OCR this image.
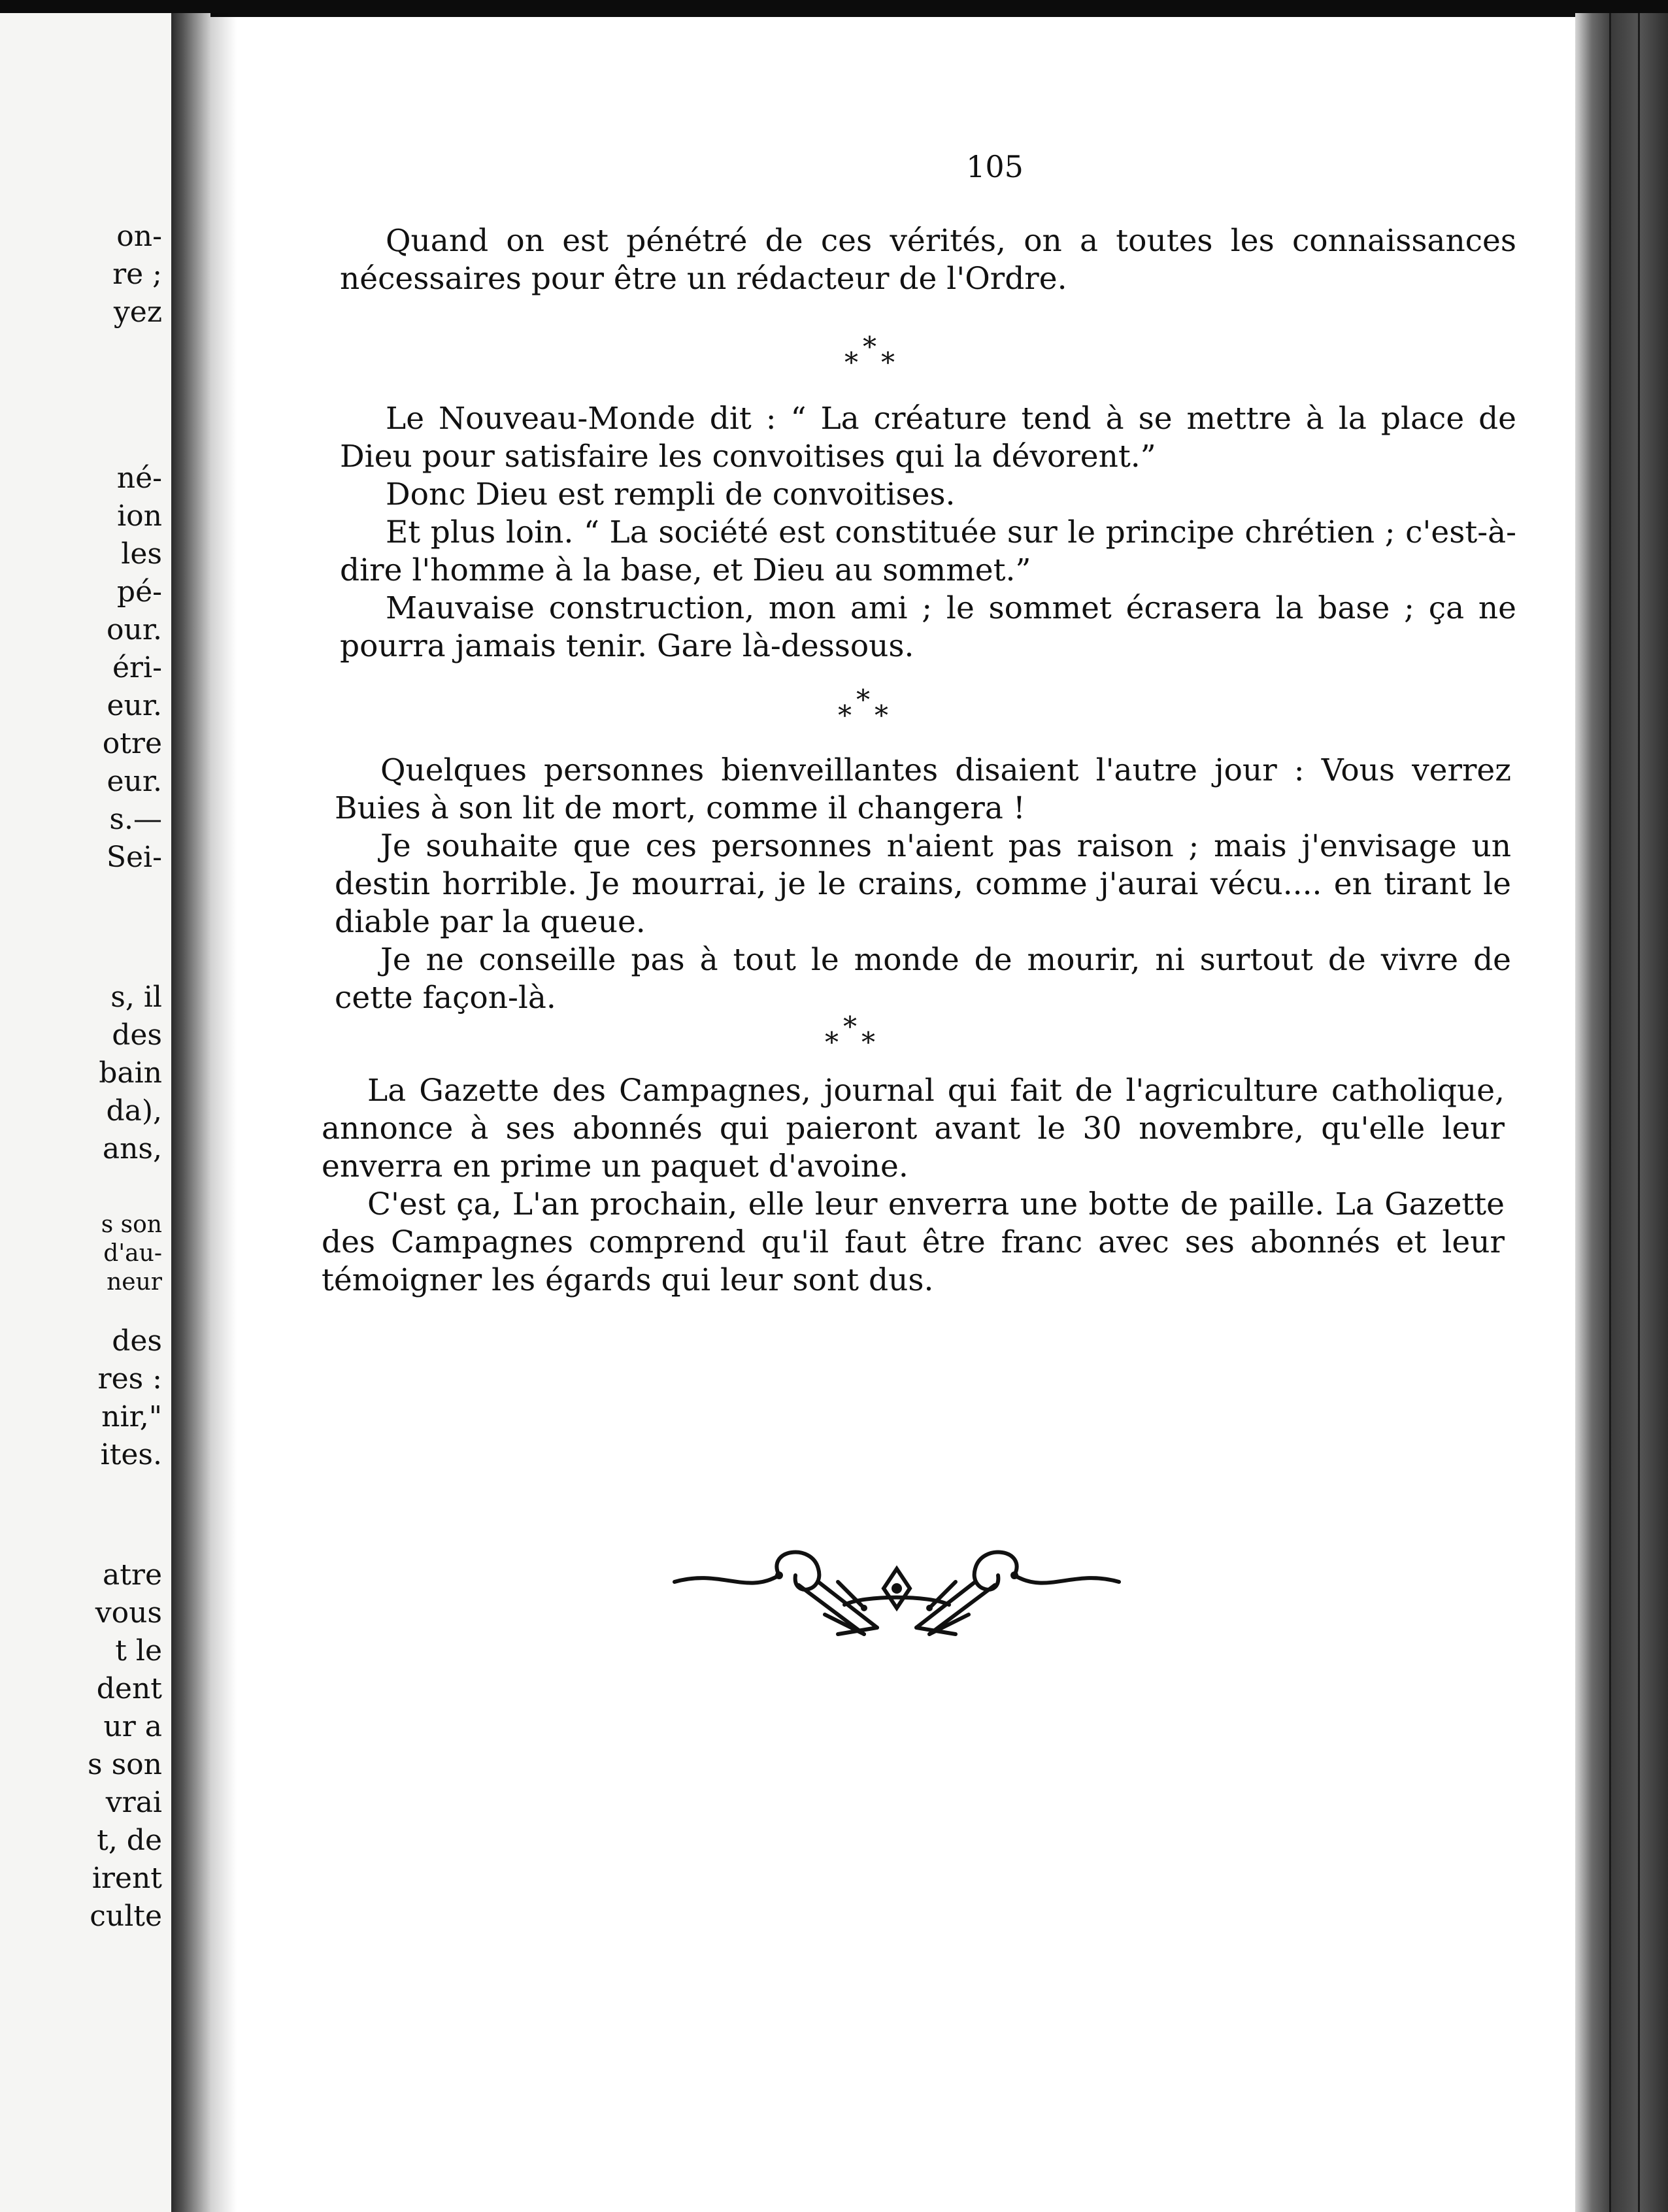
on-

re ;

yez

né-

ion

les

pé-

our.

éri-

eur.

otre

eur.

s.—

Sei-

s, il

des

bain

da),

ans,

s son

d'au-

neur

des

res :

nir,"

ites.

atre

vous

t le

dent

ur a

s son

vrai

t, de

irent

culte

105

Quand on est pénétré de ces vérités, on a toutes les connaissances nécessaires pour être un rédacteur de l'Ordre.

*
* *

Le Nouveau-Monde dit : “ La créature tend à se mettre à la place de Dieu pour satisfaire les convoitises qui la dévorent.”

Donc Dieu est rempli de convoitises.

Et plus loin. “ La société est constituée sur le principe chrétien ; c'est-à-dire l'homme à la base, et Dieu au sommet.”

Mauvaise construction, mon ami ; le sommet écrasera la base ; ça ne pourra jamais tenir. Gare là-dessous.

*
* *

Quelques personnes bienveillantes disaient l'autre jour : Vous verrez Buies à son lit de mort, comme il changera !

Je souhaite que ces personnes n'aient pas raison ; mais j'envisage un destin horrible. Je mourrai, je le crains, comme j'aurai vécu.... en tirant le diable par la queue.

Je ne conseille pas à tout le monde de mourir, ni surtout de vivre de cette façon-là.

*
* *

La Gazette des Campagnes, journal qui fait de l'agriculture catholique, annonce à ses abonnés qui paieront avant le 30 novembre, qu'elle leur enverra en prime un paquet d'avoine.

C'est ça, L'an prochain, elle leur enverra une botte de paille. La Gazette des Campagnes comprend qu'il faut être franc avec ses abonnés et leur témoigner les égards qui leur sont dus.
